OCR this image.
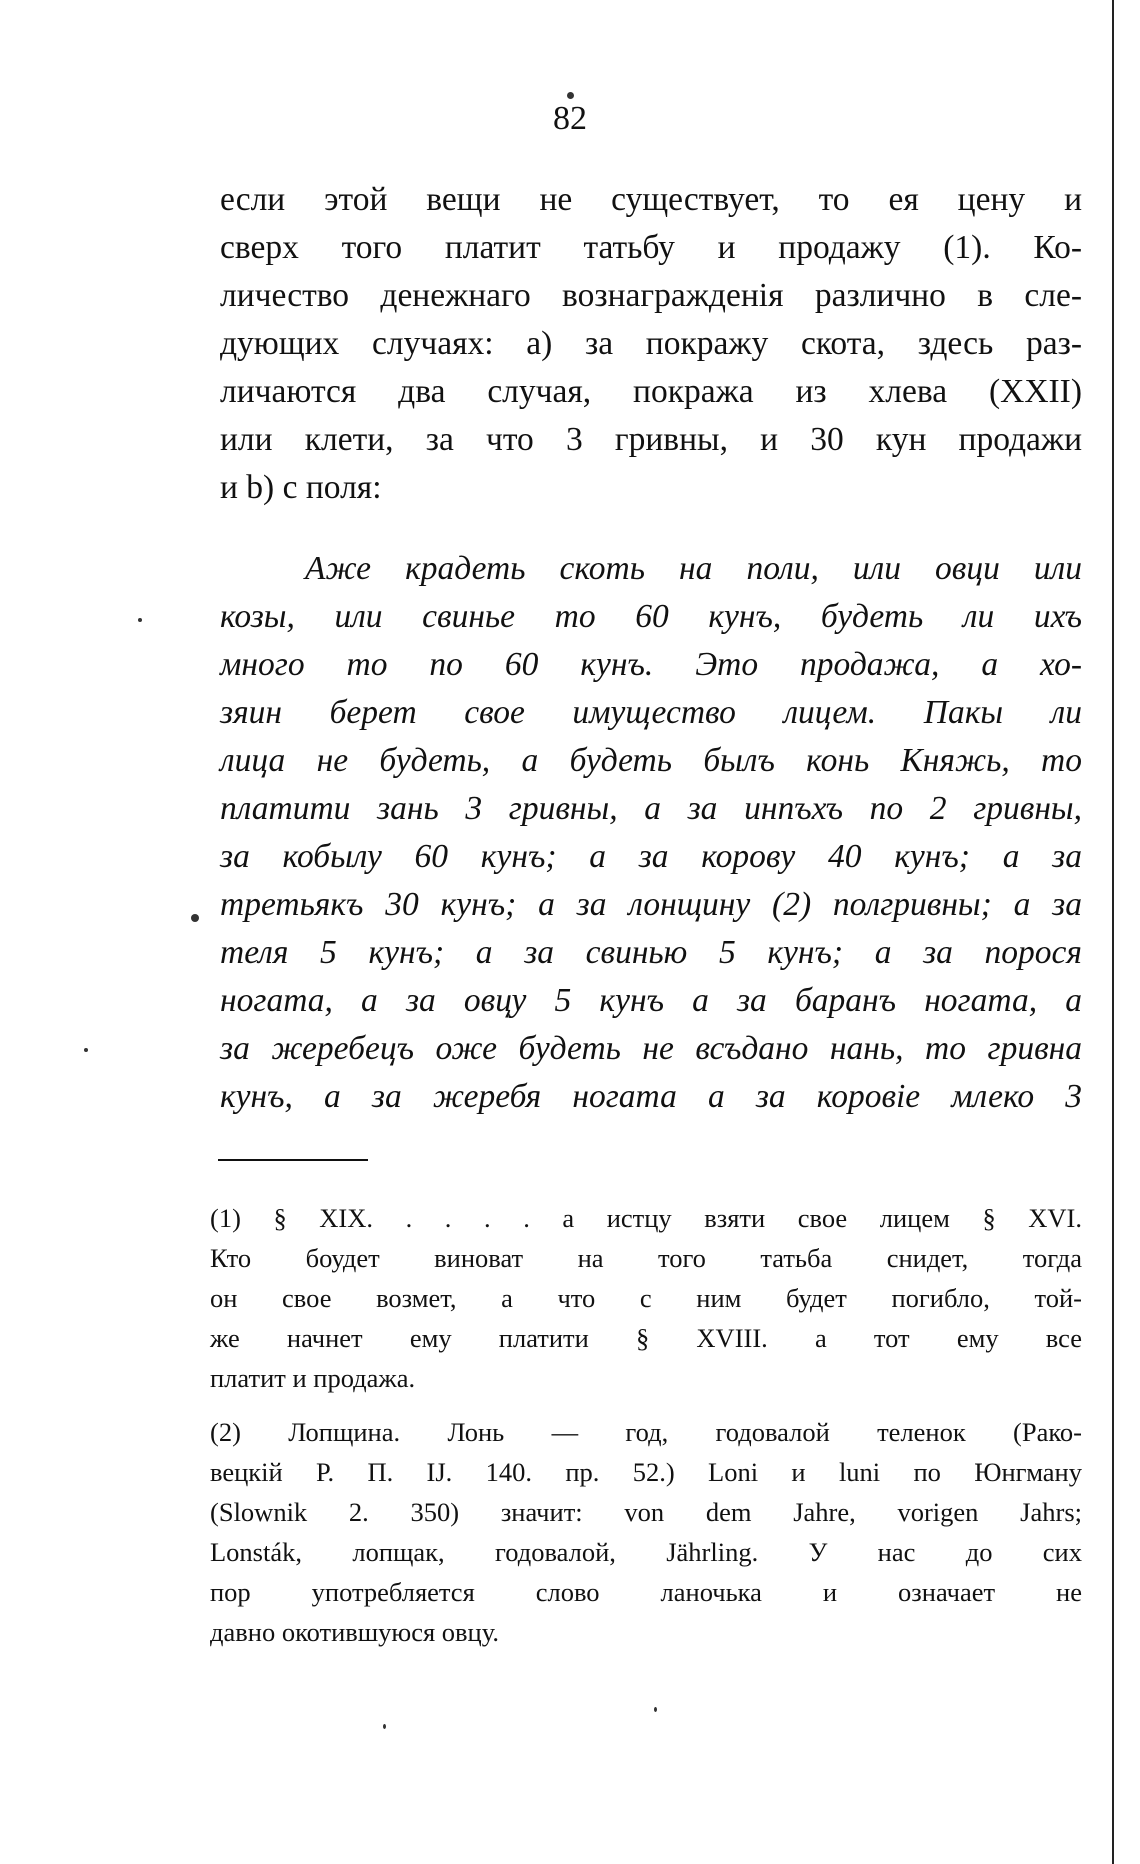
82
если этой вещи не существует, то ея цену и
сверх того платит татьбу и продажу (1). Ко-
личество денежнаго вознагражденiя различно в сле-
дующих случаях: а) за покражу скота, здесь раз-
личаются два случая, покража из хлева (XXII)
или клети, за что 3 гривны, и 30 кун продажи
и b) с поля:
Аже крадеть скоть на поли, или овци или
козы, или свинье то 60 кунъ, будеть ли ихъ
много то по 60 кунъ. Это продажа, а хо-
зяин берет свое имущество лицем. Пакы ли
лица не будеть, а будеть былъ конь Княжь, то
платити зань 3 гривны, а за инпъхъ по 2 гривны,
за кобылу 60 кунъ; а за корову 40 кунъ; а за
третьякъ 30 кунъ; а за лонщину (2) полгривны; а за
теля 5 кунъ; а за свинью 5 кунъ; а за порося
ногата, а за овцу 5 кунъ а за баранъ ногата, а
за жеребецъ оже будеть не всъдано нань, то гривна
кунъ, а за жеребя ногата а за коровіе млеко 3
(1) § XIX. . . . . а истцу взяти свое лицем § XVI.
Кто боудет виноват на того татьба снидет, тогда
он свое возмет, а что с ним будет погибло, той-
же начнет ему платити § XVIII. а тот ему все
платит и продажа.
(2) Лопщина. Лонь — год, годовалой теленок (Рако-
вецкiй Р. П. IJ. 140. пр. 52.) Loni и luni по Юнгману
(Slownik 2. 350) значит: von dem Jahre, vorigen Jahrs;
Lonsták, лопщак, годовалой, Jährling. У нас до сих
пор употребляется слово ланочька и означает не
давно окотившуюся овцу.
